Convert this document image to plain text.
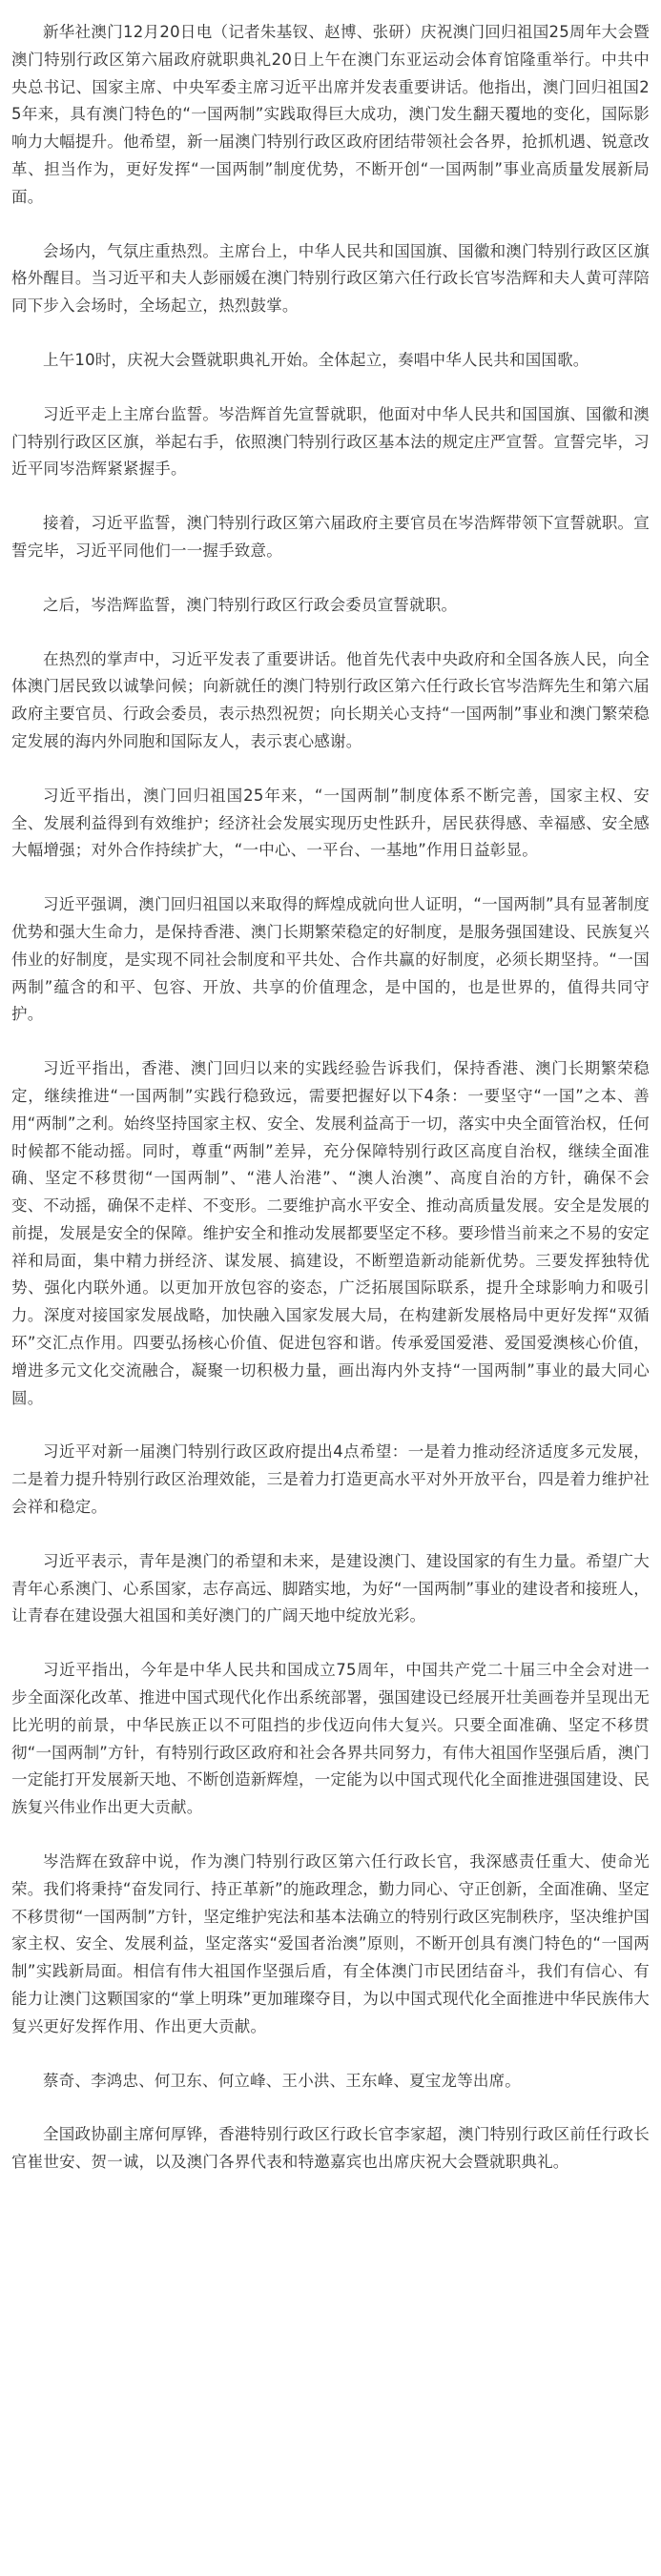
新华社澳门12月20日电（记者朱基钗、赵博、张研）庆祝澳门回归祖国25周年大会暨澳门特别行政区第六届政府就职典礼20日上午在澳门东亚运动会体育馆隆重举行。中共中央总书记、国家主席、中央军委主席习近平出席并发表重要讲话。他指出，澳门回归祖国25年来，具有澳门特色的“一国两制”实践取得巨大成功，澳门发生翻天覆地的变化，国际影响力大幅提升。他希望，新一届澳门特别行政区政府团结带领社会各界，抢抓机遇、锐意改革、担当作为，更好发挥“一国两制”制度优势，不断开创“一国两制”事业高质量发展新局面。

会场内，气氛庄重热烈。主席台上，中华人民共和国国旗、国徽和澳门特别行政区区旗格外醒目。当习近平和夫人彭丽媛在澳门特别行政区第六任行政长官岑浩辉和夫人黄可萍陪同下步入会场时，全场起立，热烈鼓掌。

上午10时，庆祝大会暨就职典礼开始。全体起立，奏唱中华人民共和国国歌。

习近平走上主席台监誓。岑浩辉首先宣誓就职，他面对中华人民共和国国旗、国徽和澳门特别行政区区旗，举起右手，依照澳门特别行政区基本法的规定庄严宣誓。宣誓完毕，习近平同岑浩辉紧紧握手。

接着，习近平监誓，澳门特别行政区第六届政府主要官员在岑浩辉带领下宣誓就职。宣誓完毕，习近平同他们一一握手致意。

之后，岑浩辉监誓，澳门特别行政区行政会委员宣誓就职。

在热烈的掌声中，习近平发表了重要讲话。他首先代表中央政府和全国各族人民，向全体澳门居民致以诚挚问候；向新就任的澳门特别行政区第六任行政长官岑浩辉先生和第六届政府主要官员、行政会委员，表示热烈祝贺；向长期关心支持“一国两制”事业和澳门繁荣稳定发展的海内外同胞和国际友人，表示衷心感谢。

习近平指出，澳门回归祖国25年来，“一国两制”制度体系不断完善，国家主权、安全、发展利益得到有效维护；经济社会发展实现历史性跃升，居民获得感、幸福感、安全感大幅增强；对外合作持续扩大，“一中心、一平台、一基地”作用日益彰显。

习近平强调，澳门回归祖国以来取得的辉煌成就向世人证明，“一国两制”具有显著制度优势和强大生命力，是保持香港、澳门长期繁荣稳定的好制度，是服务强国建设、民族复兴伟业的好制度，是实现不同社会制度和平共处、合作共赢的好制度，必须长期坚持。“一国两制”蕴含的和平、包容、开放、共享的价值理念，是中国的，也是世界的，值得共同守护。

习近平指出，香港、澳门回归以来的实践经验告诉我们，保持香港、澳门长期繁荣稳定，继续推进“一国两制”实践行稳致远，需要把握好以下4条：一要坚守“一国”之本、善用“两制”之利。始终坚持国家主权、安全、发展利益高于一切，落实中央全面管治权，任何时候都不能动摇。同时，尊重“两制”差异，充分保障特别行政区高度自治权，继续全面准确、坚定不移贯彻“一国两制”、“港人治港”、“澳人治澳”、高度自治的方针，确保不会变、不动摇，确保不走样、不变形。二要维护高水平安全、推动高质量发展。安全是发展的前提，发展是安全的保障。维护安全和推动发展都要坚定不移。要珍惜当前来之不易的安定祥和局面，集中精力拼经济、谋发展、搞建设，不断塑造新动能新优势。三要发挥独特优势、强化内联外通。以更加开放包容的姿态，广泛拓展国际联系，提升全球影响力和吸引力。深度对接国家发展战略，加快融入国家发展大局，在构建新发展格局中更好发挥“双循环”交汇点作用。四要弘扬核心价值、促进包容和谐。传承爱国爱港、爱国爱澳核心价值，增进多元文化交流融合，凝聚一切积极力量，画出海内外支持“一国两制”事业的最大同心圆。

习近平对新一届澳门特别行政区政府提出4点希望：一是着力推动经济适度多元发展，二是着力提升特别行政区治理效能，三是着力打造更高水平对外开放平台，四是着力维护社会祥和稳定。

习近平表示，青年是澳门的希望和未来，是建设澳门、建设国家的有生力量。希望广大青年心系澳门、心系国家，志存高远、脚踏实地，为好“一国两制”事业的建设者和接班人，让青春在建设强大祖国和美好澳门的广阔天地中绽放光彩。

习近平指出，今年是中华人民共和国成立75周年，中国共产党二十届三中全会对进一步全面深化改革、推进中国式现代化作出系统部署，强国建设已经展开壮美画卷并呈现出无比光明的前景，中华民族正以不可阻挡的步伐迈向伟大复兴。只要全面准确、坚定不移贯彻“一国两制”方针，有特别行政区政府和社会各界共同努力，有伟大祖国作坚强后盾，澳门一定能打开发展新天地、不断创造新辉煌，一定能为以中国式现代化全面推进强国建设、民族复兴伟业作出更大贡献。

岑浩辉在致辞中说，作为澳门特别行政区第六任行政长官，我深感责任重大、使命光荣。我们将秉持“奋发同行、持正革新”的施政理念，勤力同心、守正创新，全面准确、坚定不移贯彻“一国两制”方针，坚定维护宪法和基本法确立的特别行政区宪制秩序，坚决维护国家主权、安全、发展利益，坚定落实“爱国者治澳”原则，不断开创具有澳门特色的“一国两制”实践新局面。相信有伟大祖国作坚强后盾，有全体澳门市民团结奋斗，我们有信心、有能力让澳门这颗国家的“掌上明珠”更加璀璨夺目，为以中国式现代化全面推进中华民族伟大复兴更好发挥作用、作出更大贡献。

蔡奇、李鸿忠、何卫东、何立峰、王小洪、王东峰、夏宝龙等出席。

全国政协副主席何厚铧，香港特别行政区行政长官李家超，澳门特别行政区前任行政长官崔世安、贺一诚，以及澳门各界代表和特邀嘉宾也出席庆祝大会暨就职典礼。
